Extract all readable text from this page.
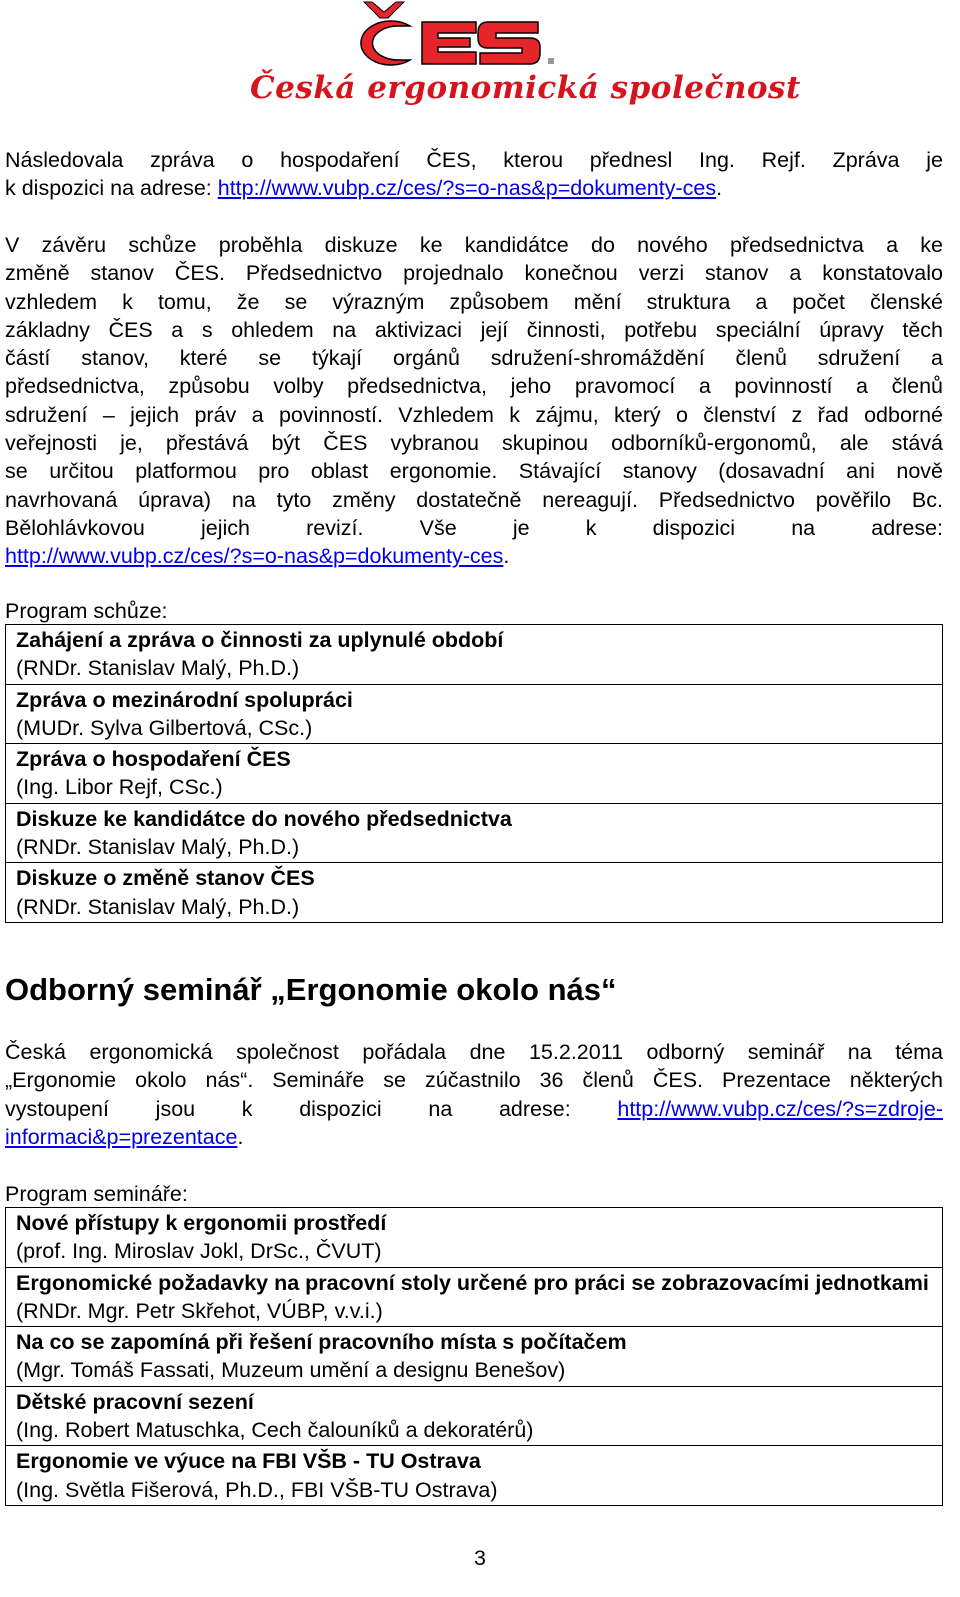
Česká ergonomická společnost
Následovala zpráva o hospodaření ČES, kterou přednesl Ing. Rejf. Zpráva je
k dispozici na adrese: http://www.vubp.cz/ces/?s=o-nas&p=dokumenty-ces.
V závěru schůze proběhla diskuze ke kandidátce do nového předsednictva a ke
změně stanov ČES. Předsednictvo projednalo konečnou verzi stanov a konstatovalo
vzhledem k tomu, že se výrazným způsobem mění struktura a počet členské
základny ČES a s ohledem na aktivizaci její činnosti, potřebu speciální úpravy těch
částí stanov, které se týkají orgánů sdružení-shromáždění členů sdružení a
předsednictva, způsobu volby předsednictva, jeho pravomocí a povinností a členů
sdružení – jejich práv a povinností. Vzhledem k zájmu, který o členství z řad odborné
veřejnosti je, přestává být ČES vybranou skupinou odborníků-ergonomů, ale stává
se určitou platformou pro oblast ergonomie. Stávající stanovy (dosavadní ani nově
navrhovaná úprava) na tyto změny dostatečně nereagují. Předsednictvo pověřilo Bc.
Bělohlávkovou jejich revizí. Vše je k dispozici na adrese:
http://www.vubp.cz/ces/?s=o-nas&p=dokumenty-ces.
Program schůze:
Zahájení a zpráva o činnosti za uplynulé období
(RNDr. Stanislav Malý, Ph.D.)

Zpráva o mezinárodní spolupráci
(MUDr. Sylva Gilbertová, CSc.)

Zpráva o hospodaření ČES
(Ing. Libor Rejf, CSc.)

Diskuze ke kandidátce do nového předsednictva
(RNDr. Stanislav Malý, Ph.D.)

Diskuze o změně stanov ČES
(RNDr. Stanislav Malý, Ph.D.)
Odborný seminář „Ergonomie okolo nás“
Česká ergonomická společnost pořádala dne 15.2.2011 odborný seminář na téma
„Ergonomie okolo nás“. Semináře se zúčastnilo 36 členů ČES. Prezentace některých
vystoupení jsou k dispozici na adrese: http://www.vubp.cz/ces/?s=zdroje-
informaci&p=prezentace.
Program semináře:
Nové přístupy k ergonomii prostředí
(prof. Ing. Miroslav Jokl, DrSc., ČVUT)

Ergonomické požadavky na pracovní stoly určené pro práci se zobrazovacími jednotkami
(RNDr. Mgr. Petr Skřehot, VÚBP, v.v.i.)

Na co se zapomíná při řešení pracovního místa s počítačem
(Mgr. Tomáš Fassati, Muzeum umění a designu Benešov)

Dětské pracovní sezení
(Ing. Robert Matuschka, Cech čalouníků a dekoratérů)

Ergonomie ve výuce na FBI VŠB - TU Ostrava
(Ing. Světla Fišerová, Ph.D., FBI VŠB-TU Ostrava)
3
